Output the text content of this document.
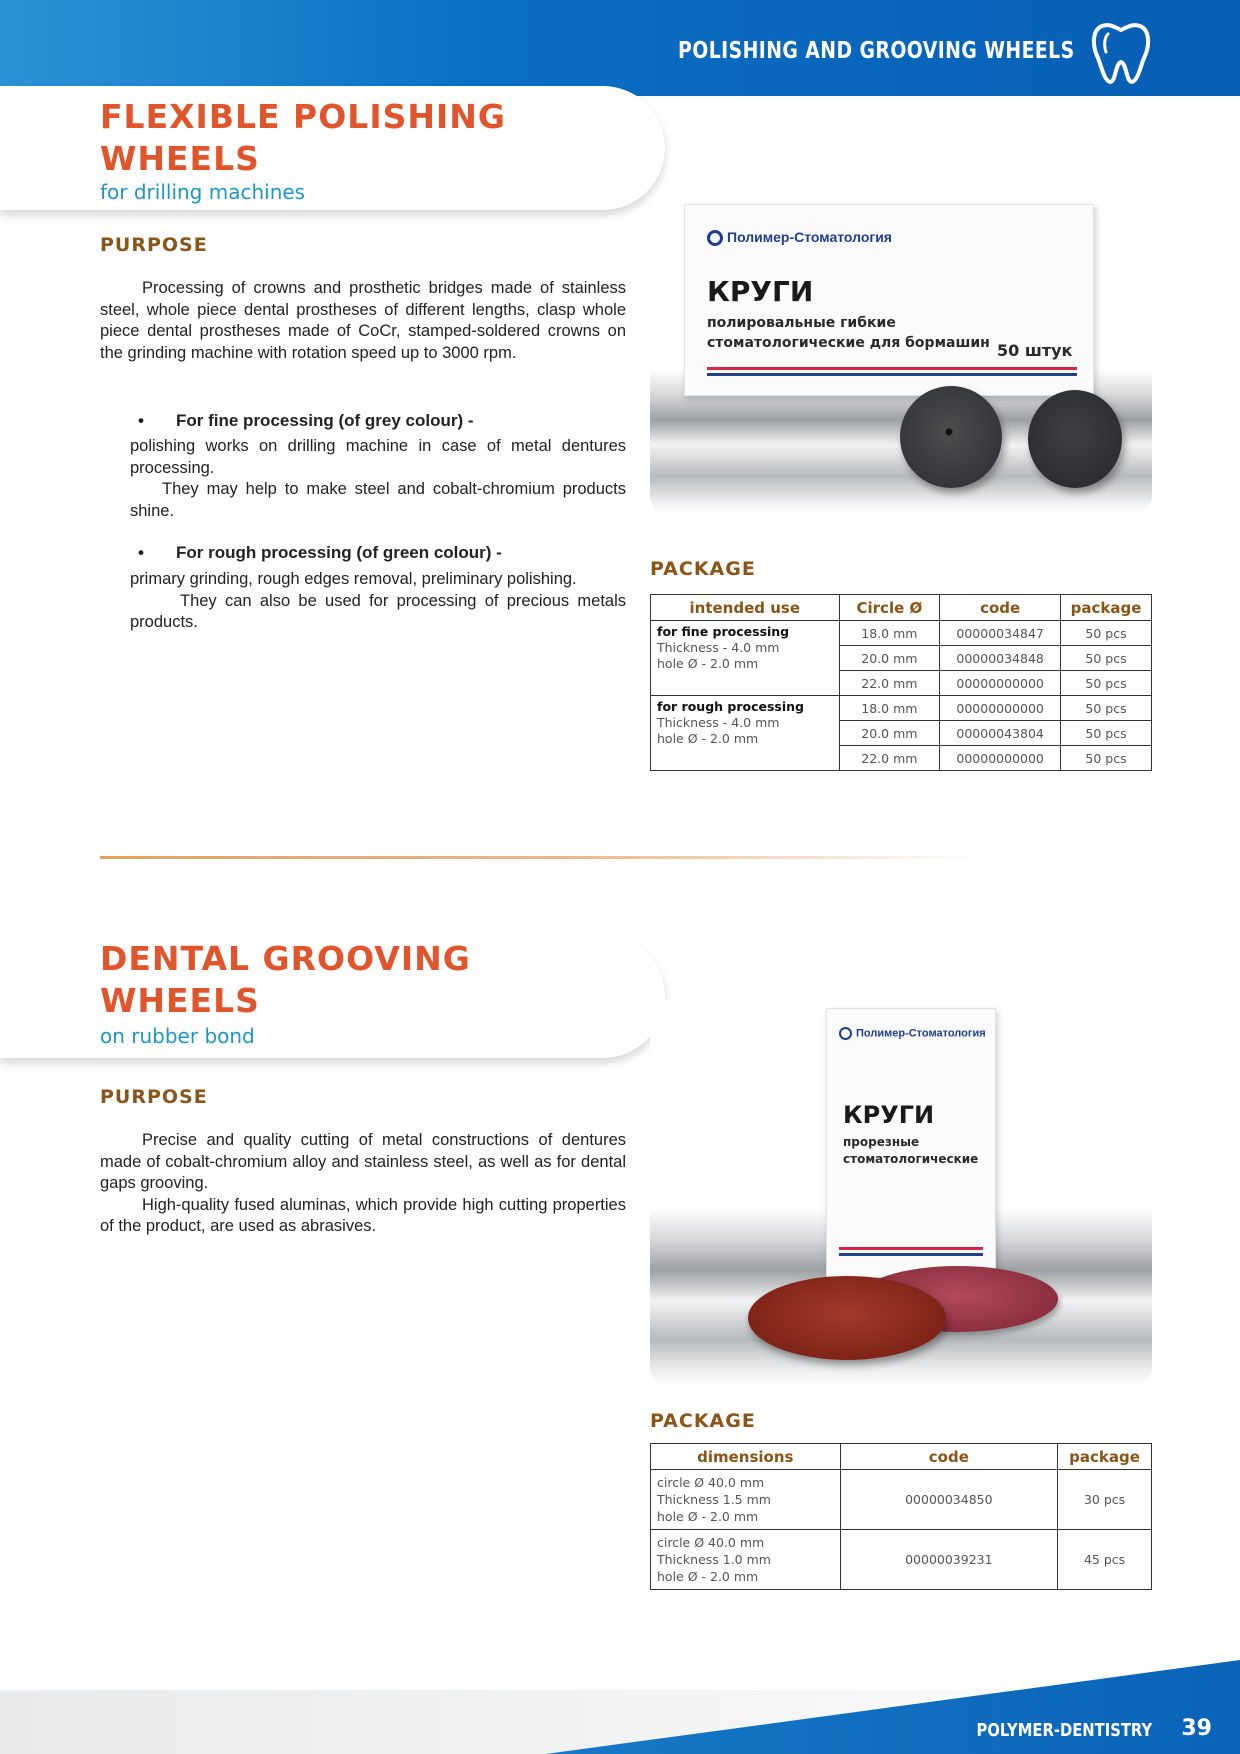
POLISHING AND GROOVING WHEELS
FLEXIBLE POLISHING
WHEELS
for drilling machines
PURPOSE

Processing of crowns and prosthetic bridges made of stainless steel, whole piece dental prostheses of different lengths, clasp whole piece dental prostheses made of CoCr, stamped-soldered crowns on the grinding machine with rotation speed up to 3000 rpm.

• For fine processing (of grey colour) -

polishing works on drilling machine in case of metal dentures processing.

They may help to make steel and cobalt-chromium products shine.

• For rough processing (of green colour) -

primary grinding, rough edges removal, preliminary polishing.

They can also be used for processing of precious metals products.

Полимер-Стоматология
КРУГИ
полировальные гибкие
стоматологические для бормашин 50 штук
PACKAGE
intended use	Circle Ø	code	package
for fine processing
Thickness - 4.0 mm
hole Ø - 2.0 mm	18.0 mm	00000034847	50 pcs
	20.0 mm	00000034848	50 pcs
	22.0 mm	00000000000	50 pcs
for rough processing
Thickness - 4.0 mm
hole Ø - 2.0 mm	18.0 mm	00000000000	50 pcs
	20.0 mm	00000043804	50 pcs
	22.0 mm	00000000000	50 pcs
DENTAL GROOVING
WHEELS
on rubber bond
PURPOSE

Precise and quality cutting of metal constructions of dentures made of cobalt-chromium alloy and stainless steel, as well as for dental gaps grooving.

High-quality fused aluminas, which provide high cutting properties of the product, are used as abrasives.

Полимер-Стоматология
КРУГИ
прорезные
стоматологические
PACKAGE
dimensions	code	package
circle Ø 40.0 mm
Thickness 1.5 mm
hole Ø - 2.0 mm	00000034850	30 pcs
circle Ø 40.0 mm
Thickness 1.0 mm
hole Ø - 2.0 mm	00000039231	45 pcs
POLYMER-DENTISTRY 39
